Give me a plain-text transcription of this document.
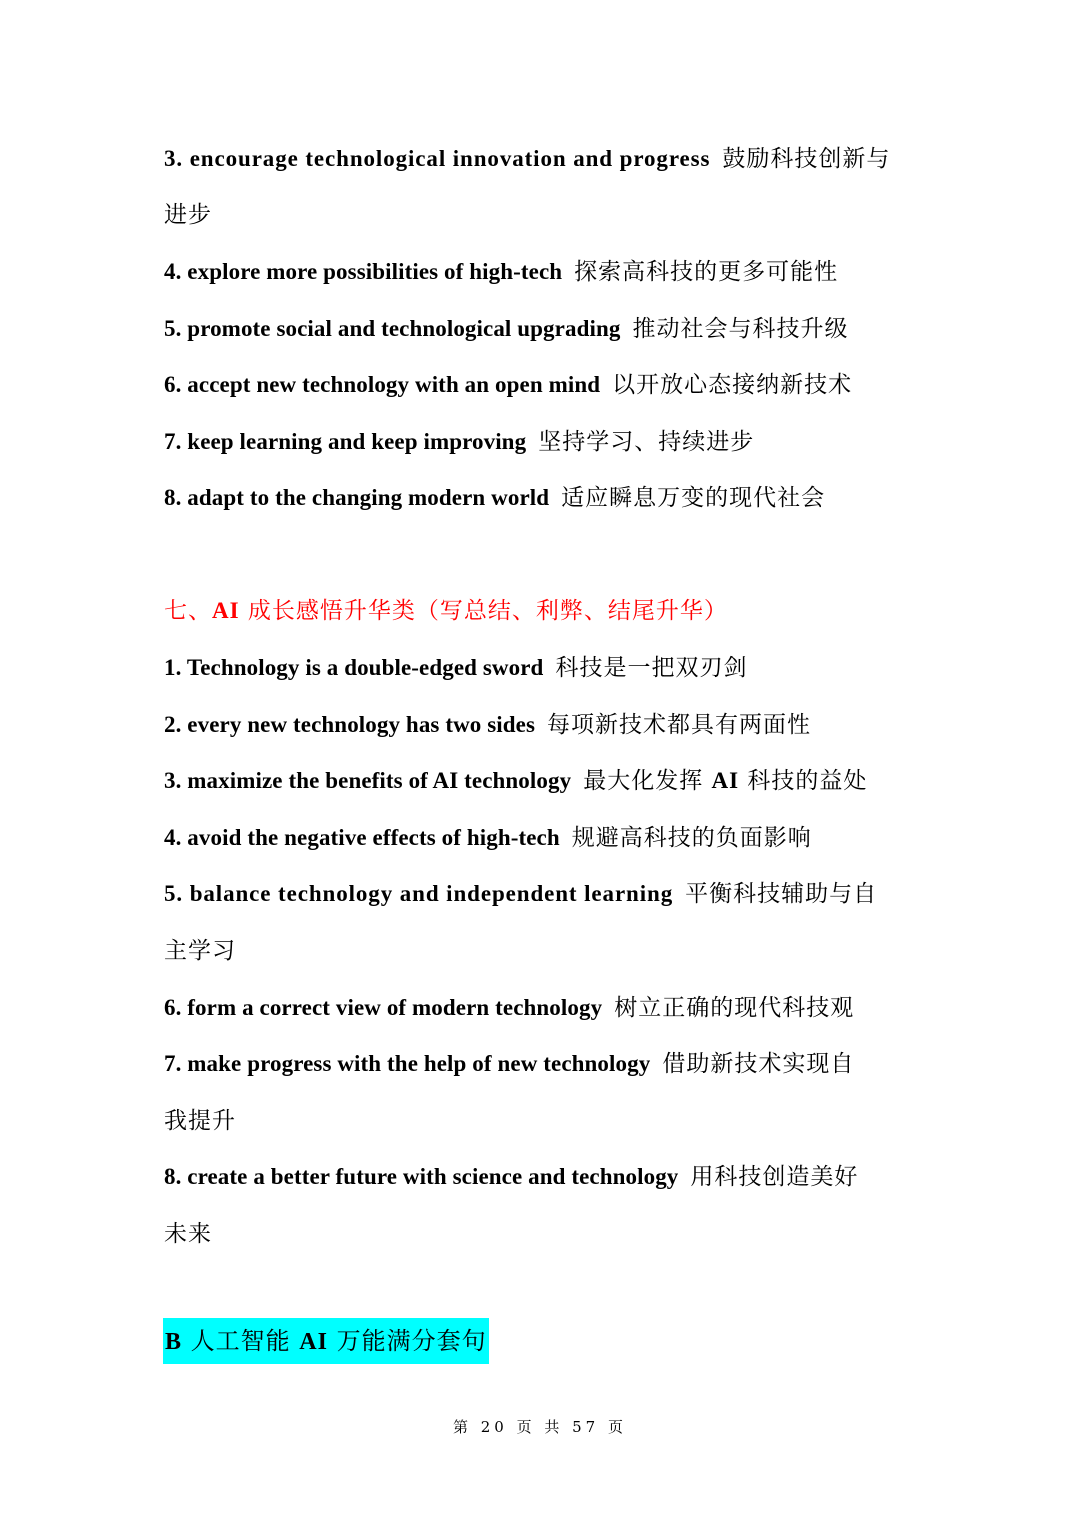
3. encourage technological innovation and progress 鼓励科技创新与
进步
4. explore more possibilities of high-tech 探索高科技的更多可能性
5. promote social and technological upgrading 推动社会与科技升级
6. accept new technology with an open mind 以开放心态接纳新技术
7. keep learning and keep improving 坚持学习、持续进步
8. adapt to the changing modern world 适应瞬息万变的现代社会
七、AI 成长感悟升华类（写总结、利弊、结尾升华）
1. Technology is a double-edged sword 科技是一把双刃剑
2. every new technology has two sides 每项新技术都具有两面性
3. maximize the benefits of AI technology 最大化发挥 AI 科技的益处
4. avoid the negative effects of high-tech 规避高科技的负面影响
5. balance technology and independent learning 平衡科技辅助与自
主学习
6. form a correct view of modern technology 树立正确的现代科技观
7. make progress with the help of new technology 借助新技术实现自
我提升
8. create a better future with science and technology 用科技创造美好
未来
B 人工智能 AI 万能满分套句
第 20 页 共 57 页
